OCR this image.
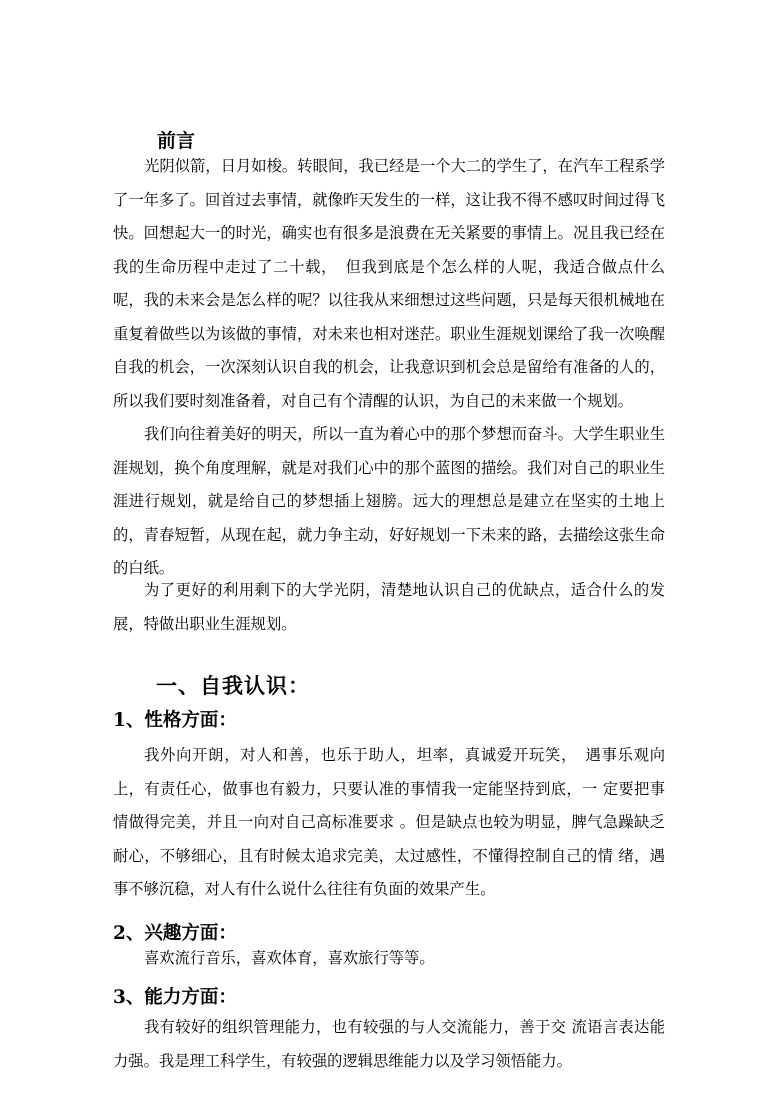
前言

光阴似箭，日月如梭。转眼间，我已经是一个大二的学生了，在汽车工程系学了一年多了。回首过去事情，就像昨天发生的一样，这让我不得不感叹时间过得飞快。回想起大一的时光，确实也有很多是浪费在无关紧要的事情上。况且我已经在我的生命历程中走过了二十载，　但我到底是个怎么样的人呢，我适合做点什么呢，我的未来会是怎么样的呢？以往我从来细想过这些问题，只是每天很机械地在重复着做些以为该做的事情，对未来也相对迷茫。职业生涯规划课给了我一次唤醒自我的机会，一次深刻认识自我的机会，让我意识到机会总是留给有准备的人的，所以我们要时刻准备着，对自己有个清醒的认识，为自己的未来做一个规划。

我们向往着美好的明天，所以一直为着心中的那个梦想而奋斗。大学生职业生涯规划，换个角度理解，就是对我们心中的那个蓝图的描绘。我们对自己的职业生涯进行规划，就是给自己的梦想插上翅膀。远大的理想总是建立在坚实的土地上的，青春短暂，从现在起，就力争主动，好好规划一下未来的路，去描绘这张生命的白纸。

为了更好的利用剩下的大学光阴，清楚地认识自己的优缺点，适合什么的发展，特做出职业生涯规划。

一、自我认识：
1、性格方面：

我外向开朗，对人和善，也乐于助人，坦率，真诚爱开玩笑，　遇事乐观向上，有责任心，做事也有毅力，只要认准的事情我一定能坚持到底，一 定要把事情做得完美，并且一向对自己高标准要求 。但是缺点也较为明显，脾气急躁缺乏耐心，不够细心，且有时候太追求完美，太过感性，不懂得控制自己的情 绪，遇事不够沉稳，对人有什么说什么往往有负面的效果产生。

2、兴趣方面：

喜欢流行音乐，喜欢体育，喜欢旅行等等。

3、能力方面：

我有较好的组织管理能力，也有较强的与人交流能力，善于交 流语言表达能力强。我是理工科学生，有较强的逻辑思维能力以及学习领悟能力。
